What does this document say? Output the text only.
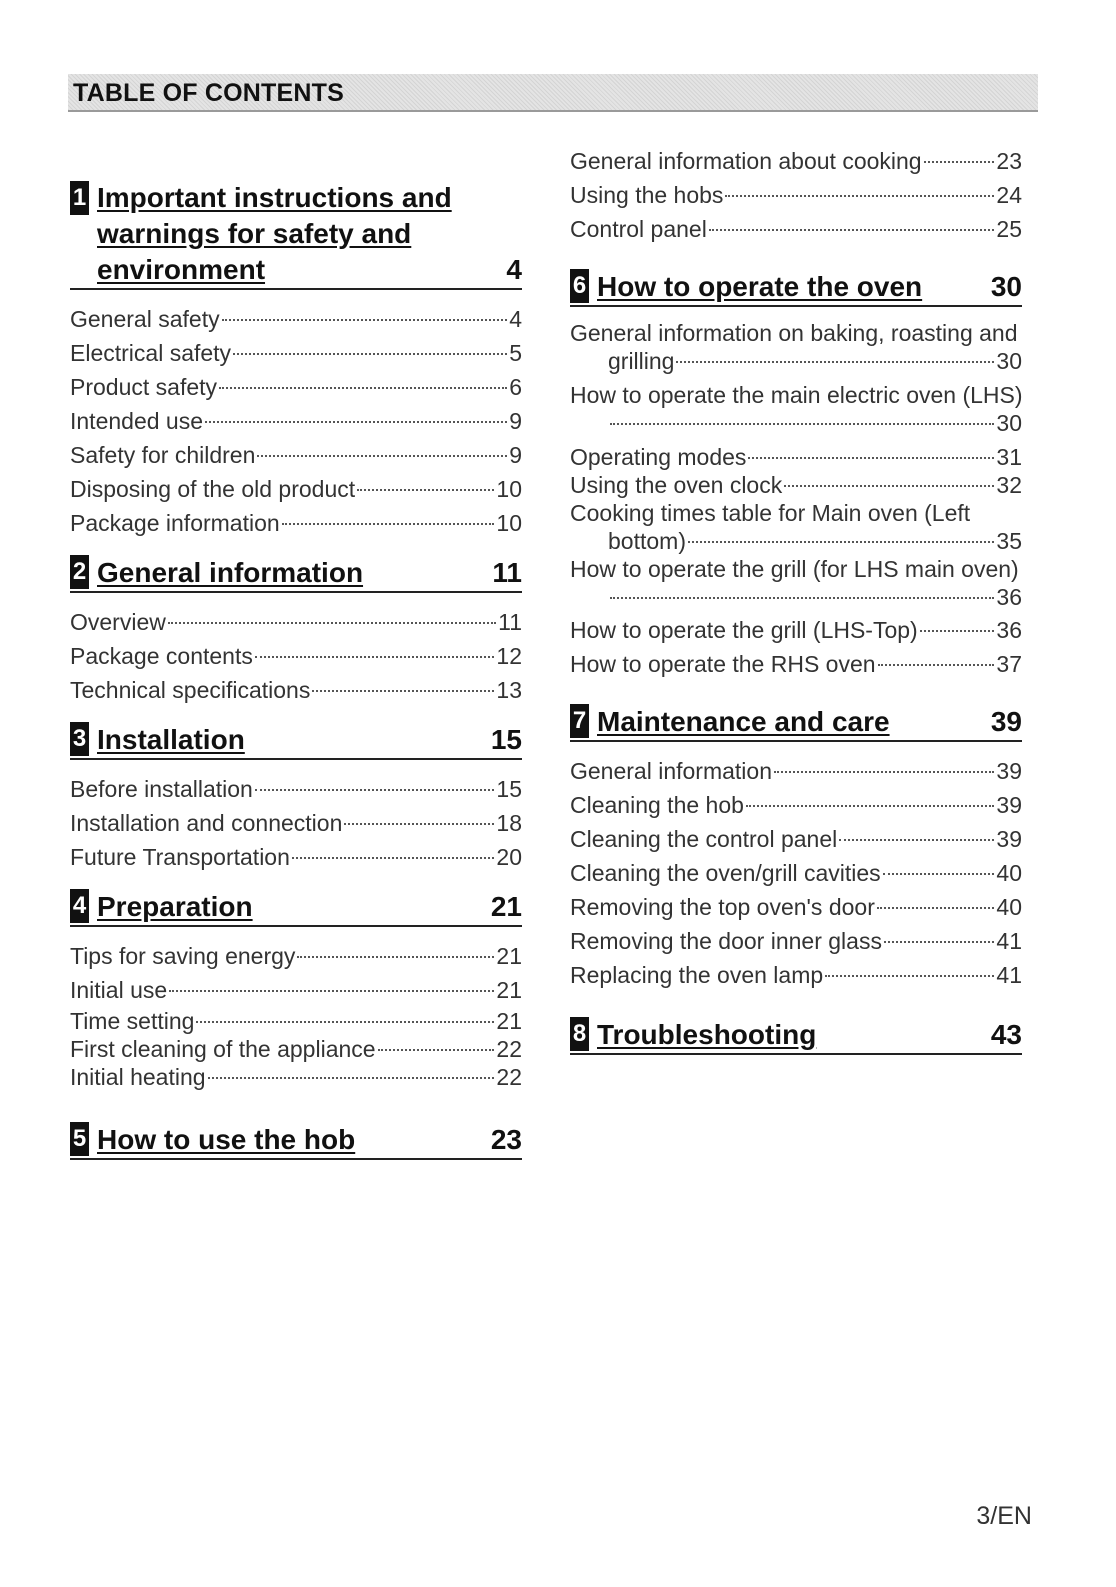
TABLE OF CONTENTS
1 Important instructions and
warnings for safety and
environment	4
General safety	4
Electrical safety	5
Product safety	6
Intended use	9
Safety for children	9
Disposing of the old product	10
Package information	10
2 General information	11
Overview	11
Package contents	12
Technical specifications	13
3 Installation	15
Before installation	15
Installation and connection	18
Future Transportation	20
4 Preparation	21
Tips for saving energy	21
Initial use	21
Time setting	21
First cleaning of the appliance	22
Initial heating	22
5 How to use the hob	23
General information about cooking	23
Using the hobs	24
Control panel	25
6 How to operate the oven	30
General information on baking, roasting and
grilling	30
How to operate the main electric oven (LHS)
30
Operating modes	31
Using the oven clock	32
Cooking times table for Main oven (Left
bottom)	35
How to operate the grill (for LHS main oven)
36
How to operate the grill (LHS-Top)	36
How to operate the RHS oven	37
7 Maintenance and care	39
General information	39
Cleaning the hob	39
Cleaning the control panel	39
Cleaning the oven/grill cavities	40
Removing the top oven's door	40
Removing the door inner glass	41
Replacing the oven lamp	41
8 Troubleshooting	43
3/EN
